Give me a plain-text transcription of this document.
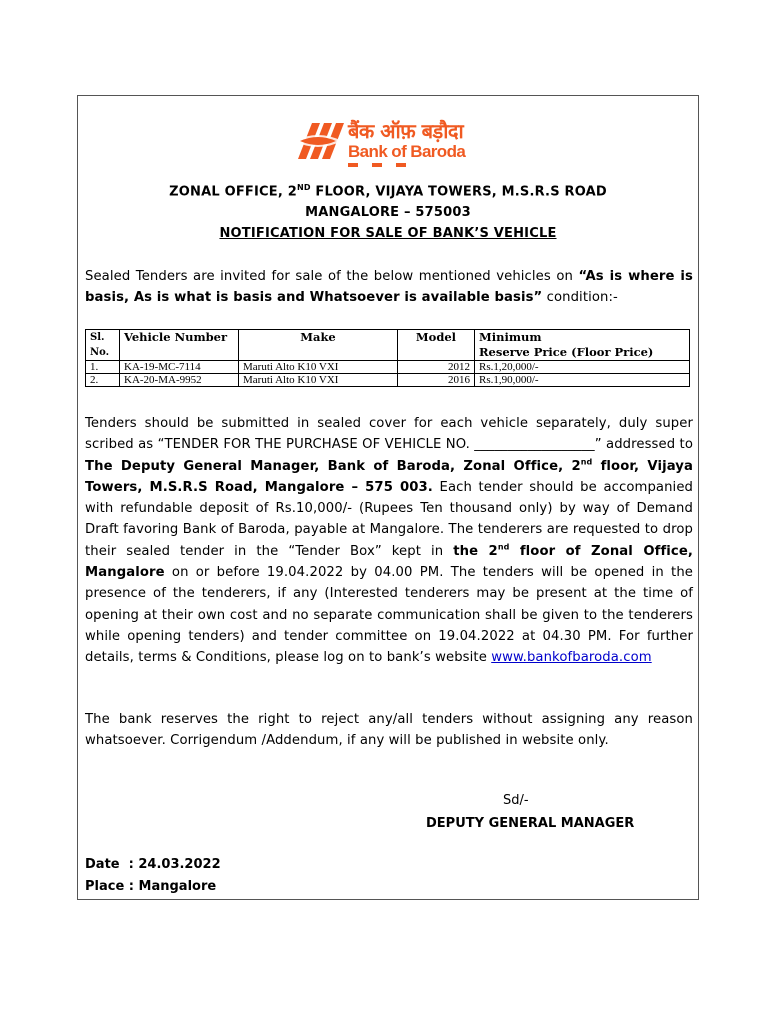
बैंक ऑफ़ बड़ौदा
Bank of Baroda
ZONAL OFFICE, 2ND FLOOR, VIJAYA TOWERS, M.S.R.S ROAD
MANGALORE – 575003
NOTIFICATION FOR SALE OF BANK’S VEHICLE
Sealed Tenders are invited for sale of the below mentioned vehicles on “As is where is basis, As is what is basis and Whatsoever is available basis” condition:-
Sl. No.	Vehicle Number	Make	Model	Minimum
Reserve Price (Floor Price)

1.	KA-19-MC-7114	Maruti Alto K10 VXI	2012	Rs.1,20,000/-
2.	KA-20-MA-9952	Maruti Alto K10 VXI	2016	Rs.1,90,000/-
Tenders should be submitted in sealed cover for each vehicle separately, duly super scribed as “TENDER FOR THE PURCHASE OF VEHICLE NO. __________________” addressed to The Deputy General Manager, Bank of Baroda, Zonal Office, 2nd floor, Vijaya Towers, M.S.R.S Road, Mangalore – 575 003. Each tender should be accompanied with refundable deposit of Rs.10,000/- (Rupees Ten thousand only) by way of Demand Draft favoring Bank of Baroda, payable at Mangalore. The tenderers are requested to drop their sealed tender in the “Tender Box” kept in the 2nd floor of Zonal Office, Mangalore on or before 19.04.2022 by 04.00 PM. The tenders will be opened in the presence of the tenderers, if any (Interested tenderers may be present at the time of opening at their own cost and no separate communication shall be given to the tenderers while opening tenders) and tender committee on 19.04.2022 at 04.30 PM. For further details, terms & Conditions, please log on to bank’s website www.bankofbaroda.com
The bank reserves the right to reject any/all tenders without assigning any reason whatsoever. Corrigendum /Addendum, if any will be published in website only.
Sd/-
DEPUTY GENERAL MANAGER
Date  : 24.03.2022
Place : Mangalore
